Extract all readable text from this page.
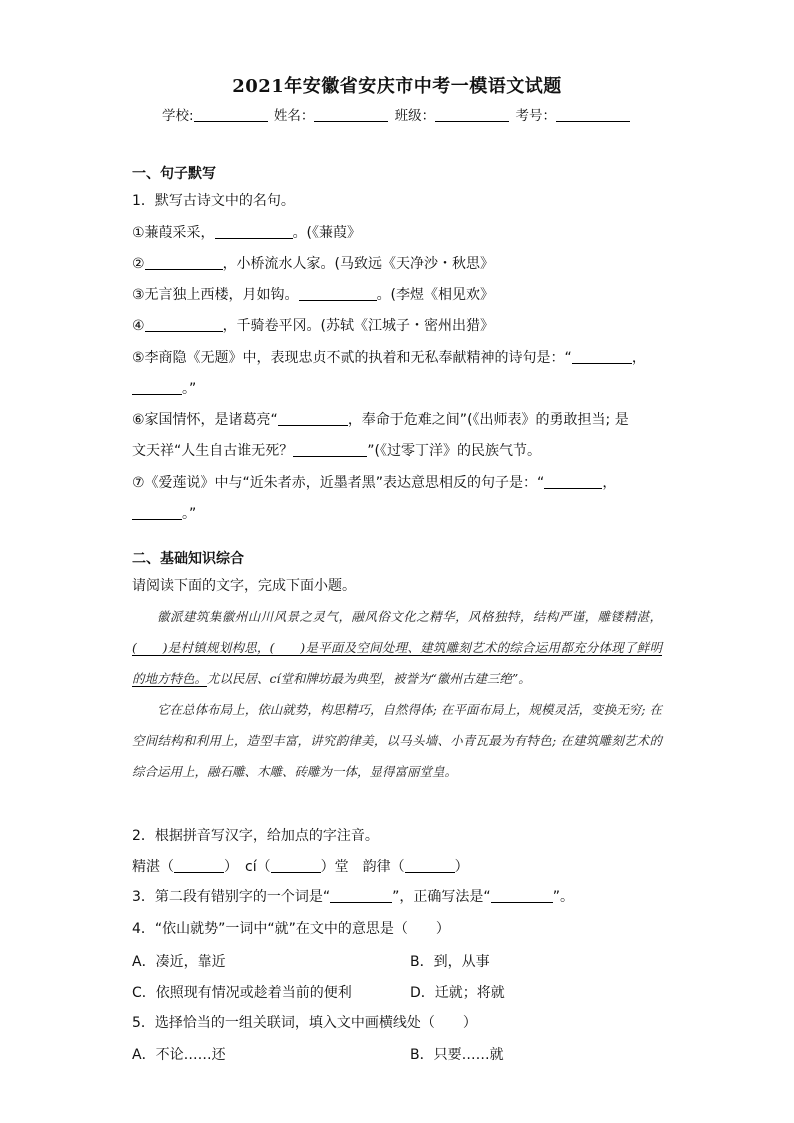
2021年安徽省安庆市中考一模语文试题
学校:	姓名：	班级：	考号：
一、句子默写
1．默写古诗文中的名句。
①蒹葭采采，	。(《蒹葭》
②	，小桥流水人家。(马致远《天净沙・秋思》
③无言独上西楼，月如钩。	。(李煜《相见欢》
④	，千骑卷平冈。(苏轼《江城子・密州出猎》
⑤李商隐《无题》中，表现忠贞不贰的执着和无私奉献精神的诗句是：“	，
。”
⑥家国情怀，是诸葛亮“	，奉命于危难之间”(《出师表》的勇敢担当; 是
文天祥“人生自古谁无死？	”(《过零丁洋》的民族气节。
⑦《爱莲说》中与“近朱者赤，近墨者黑”表达意思相反的句子是：“	，
。”
二、基础知识综合
请阅读下面的文字，完成下面小题。

徽派建筑集徽州山川风景之灵气，融风俗文化之精华，风格独特，结构严谨，雕镂精湛，(　　)是村镇规划构思，(　　)是平面及空间处理、建筑雕刻艺术的综合运用都充分体现了鲜明的地方特色。尤以民居、cí堂和牌坊最为典型，被誉为“徽州古建三绝”。

它在总体布局上，依山就势，构思精巧，自然得体; 在平面布局上，规模灵活，变换无穷; 在空间结构和利用上，造型丰富，讲究韵律美，以马头墙、小青瓦最为有特色; 在建筑雕刻艺术的综合运用上，融石雕、木雕、砖雕为一体，显得富丽堂皇。

2．根据拼音写汉字，给加点的字注音。
精湛（	）　cí（	）堂　韵律（	）
3．第二段有错别字的一个词是“	”，正确写法是“	”。
4．“依山就势”一词中“就”在文中的意思是（　　）
A．凑近，靠近	B．到，从事
C．依照现有情况或趁着当前的便利	D．迁就；将就
5．选择恰当的一组关联词，填入文中画横线处（　　）
A．不论……还	B．只要……就
